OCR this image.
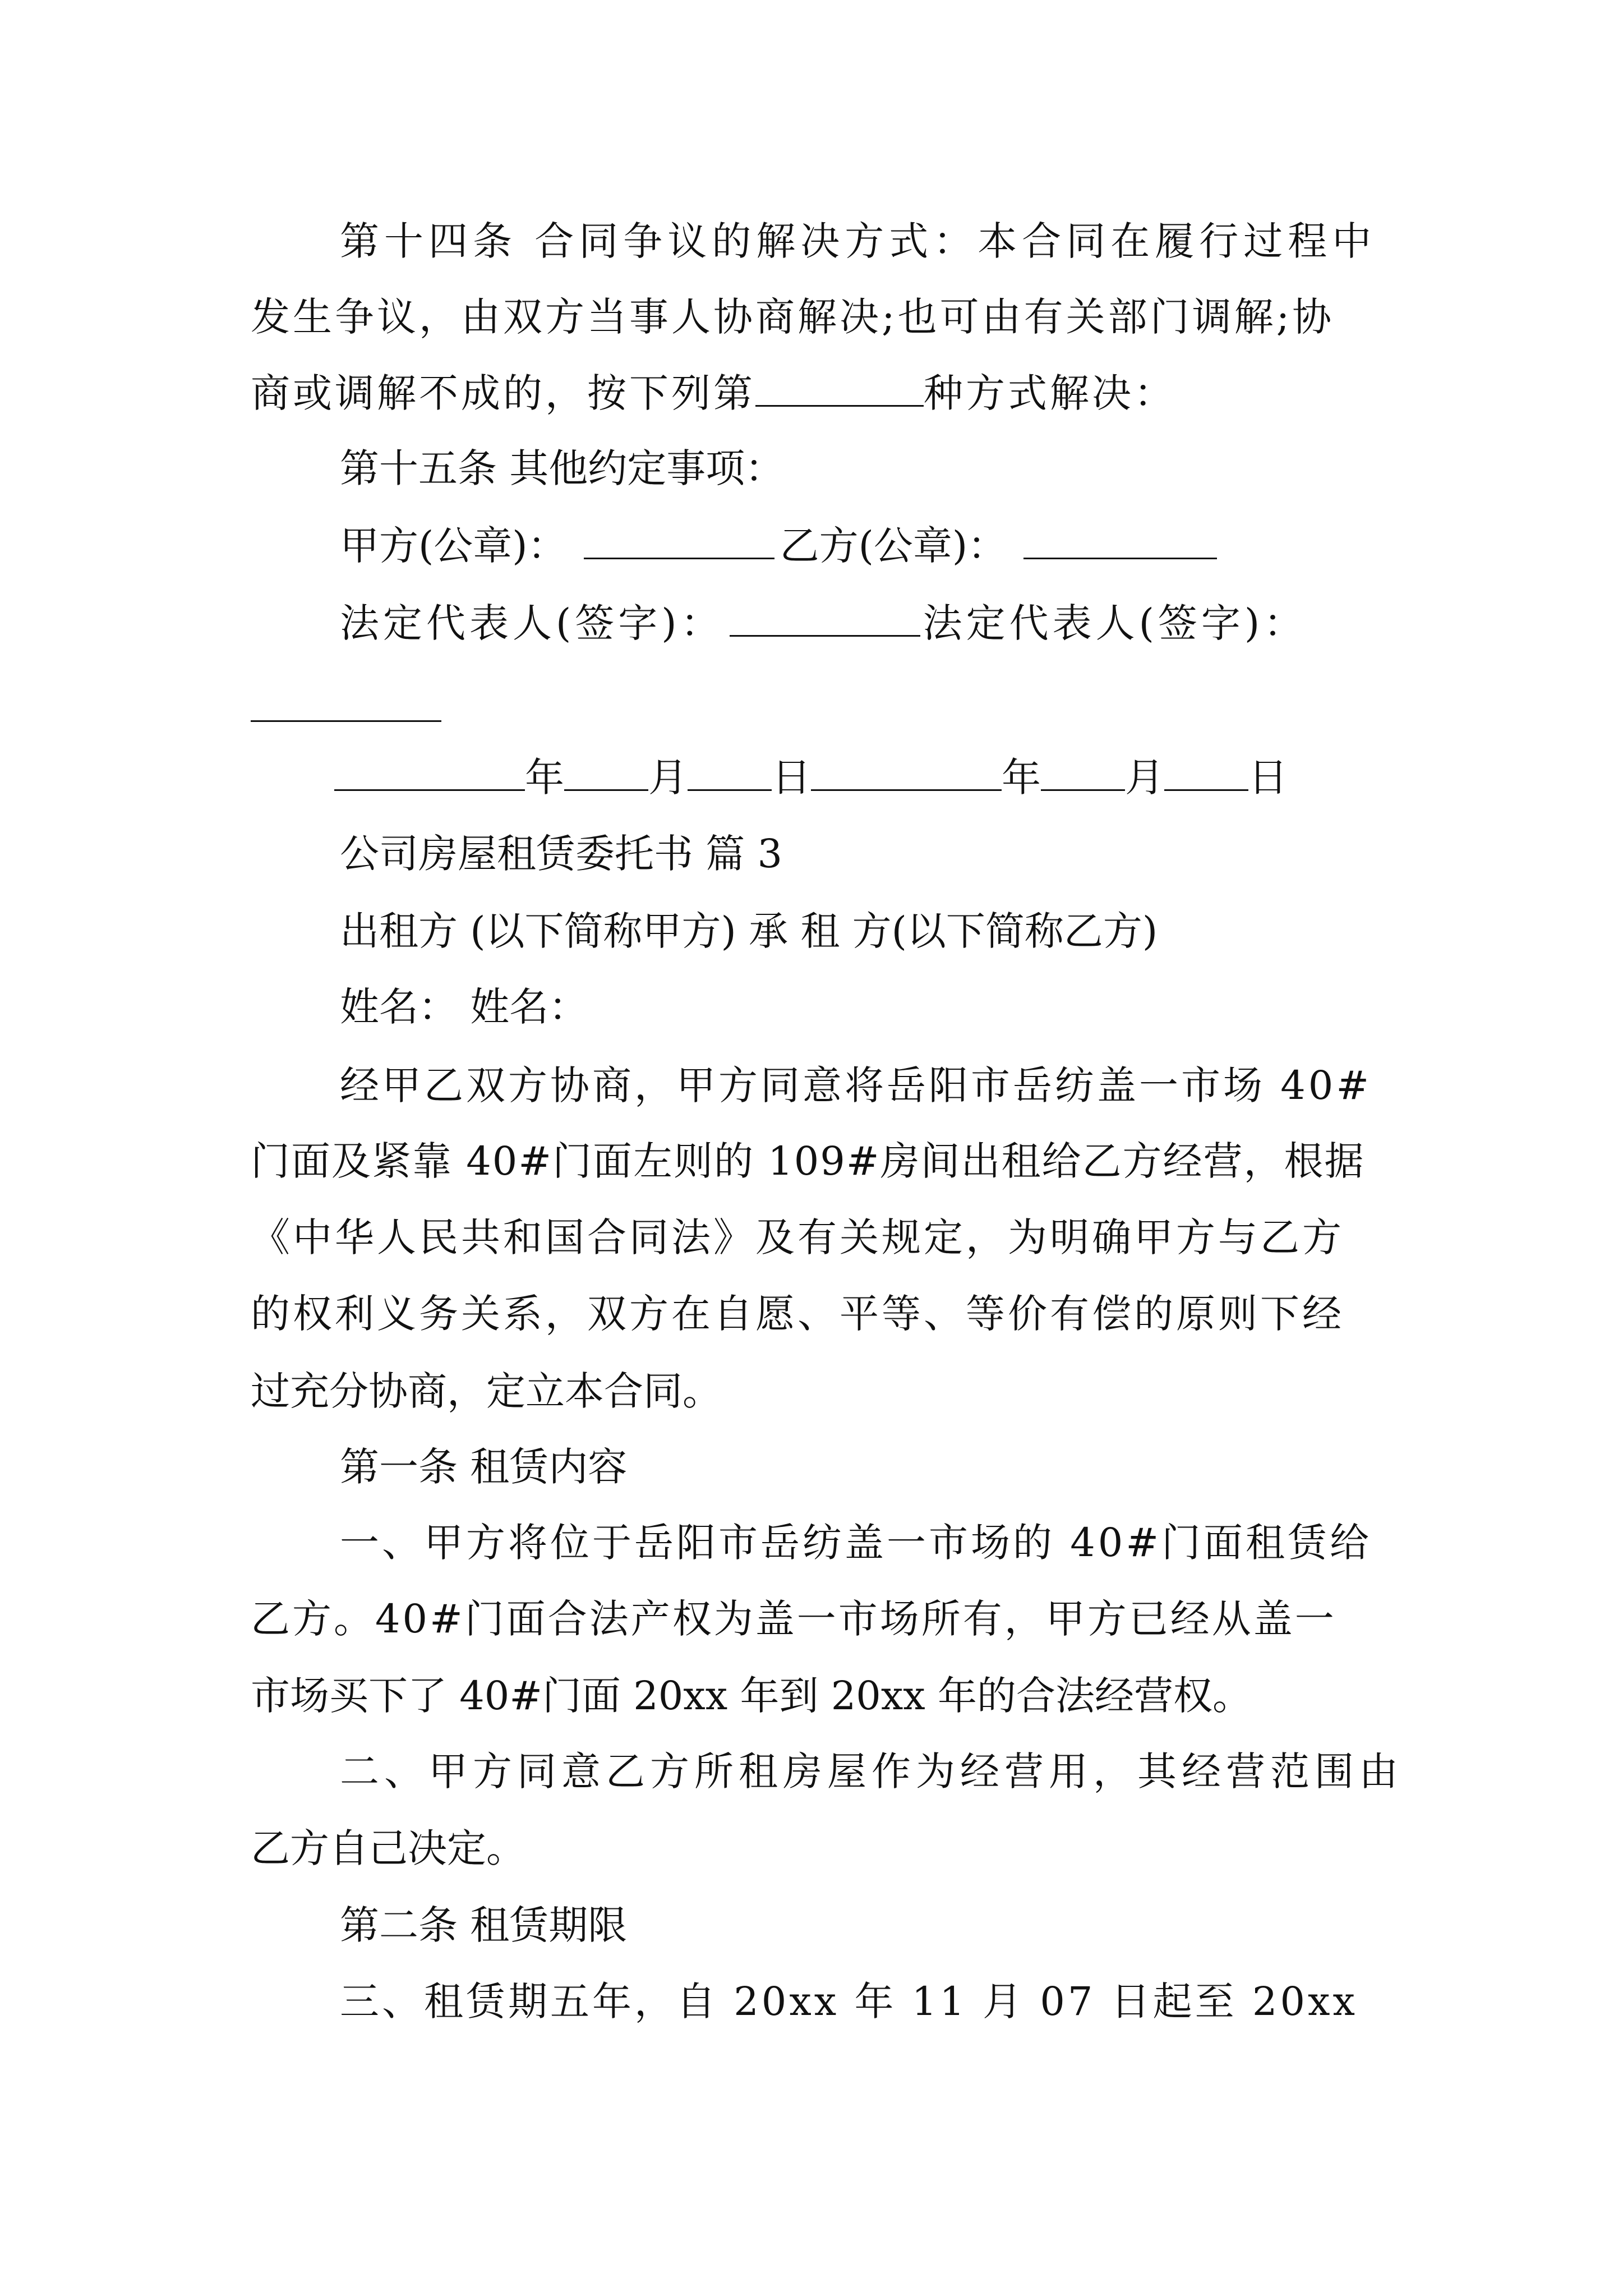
第十四条 合同争议的解决方式：本合同在履行过程中
发生争议，由双方当事人协商解决;也可由有关部门调解;协
商或调解不成的，按下列第	种方式解决：
第十五条 其他约定事项：
甲方(公章)：	乙方(公章)：
法定代表人(签字)：	法定代表人(签字)：
年 月 日	年 月 日
公司房屋租赁委托书 篇 3
出租方 (以下简称甲方) 承 租 方(以下简称乙方)
姓名： 姓名：
经甲乙双方协商，甲方同意将岳阳市岳纺盖一市场 40#
门面及紧靠 40#门面左则的 109#房间出租给乙方经营，根据
《中华人民共和国合同法》及有关规定，为明确甲方与乙方
的权利义务关系，双方在自愿、平等、等价有偿的原则下经
过充分协商，定立本合同。
第一条 租赁内容
一、甲方将位于岳阳市岳纺盖一市场的 40#门面租赁给
乙方。40#门面合法产权为盖一市场所有，甲方已经从盖一
市场买下了 40#门面 20xx 年到 20xx 年的合法经营权。
二、甲方同意乙方所租房屋作为经营用，其经营范围由
乙方自己决定。
第二条 租赁期限
三、租赁期五年，自 20xx 年 11 月 07 日起至 20xx
